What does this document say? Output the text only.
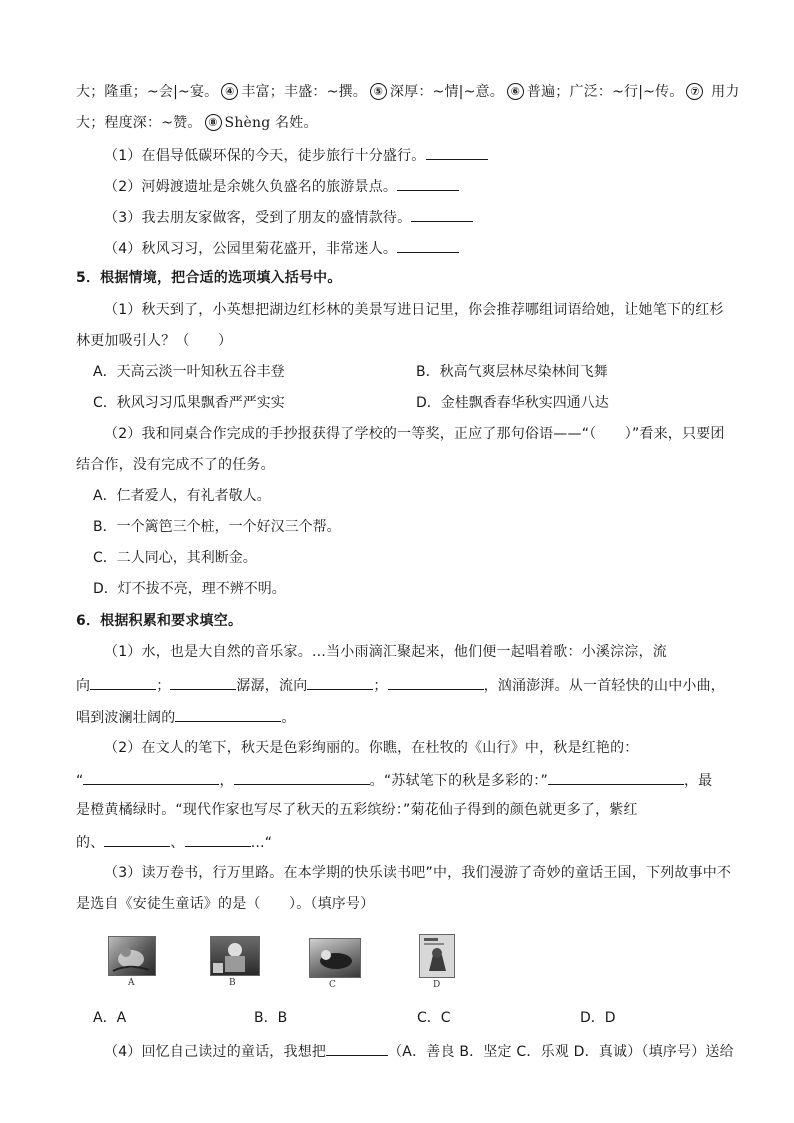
大；隆重；~会|~宴。 ④ 丰富；丰盛：~撰。 ⑤ 深厚：~情|~意。 ⑥ 普遍；广泛：~行|~传。 ⑦ 用力
大；程度深：~赞。 ⑧ Shèng 名姓。
（1）在倡导低碳环保的今天，徒步旅行十分盛行。
（2）河姆渡遗址是余姚久负盛名的旅游景点。
（3）我去朋友家做客，受到了朋友的盛情款待。
（4）秋风习习，公园里菊花盛开，非常迷人。
5．根据情境，把合适的选项填入括号中。
（1）秋天到了，小英想把湖边红杉林的美景写进日记里，你会推荐哪组词语给她，让她笔下的红杉
林更加吸引人？（　　）
A．天高云淡一叶知秋五谷丰登	B．秋高气爽层林尽染林间飞舞
C．秋风习习瓜果飘香严严实实	D．金桂飘香春华秋实四通八达
（2）我和同桌合作完成的手抄报获得了学校的一等奖，正应了那句俗语——“（　　）”看来，只要团
结合作，没有完成不了的任务。
A．仁者爱人，有礼者敬人。
B．一个篱笆三个桩，一个好汉三个帮。
C．二人同心，其利断金。
D．灯不拔不亮，理不辨不明。
6．根据积累和要求填空。
（1）水，也是大自然的音乐家。…当小雨滴汇聚起来，他们便一起唱着歌：小溪淙淙，流
向	；	潺潺，流向	；	，汹涌澎湃。从一首轻快的山中小曲，
唱到波澜壮阔的	。
（2）在文人的笔下，秋天是色彩绚丽的。你瞧，在杜牧的《山行》中，秋是红艳的：
“	，	。“苏轼笔下的秋是多彩的：”	，最
是橙黄橘绿时。“现代作家也写尽了秋天的五彩缤纷：”菊花仙子得到的颜色就更多了，紫红
的、	、	…“
（3）读万卷书，行万里路。在本学期的快乐读书吧”中，我们漫游了奇妙的童话王国，下列故事中不
是选自《安徒生童话》的是（　　）。（填序号）
A	B	C	D
A．A	B．B	C．C	D．D
（4）回忆自己读过的童话，我想把	（A．善良 B．坚定 C．乐观 D．真诚）（填序号）送给
